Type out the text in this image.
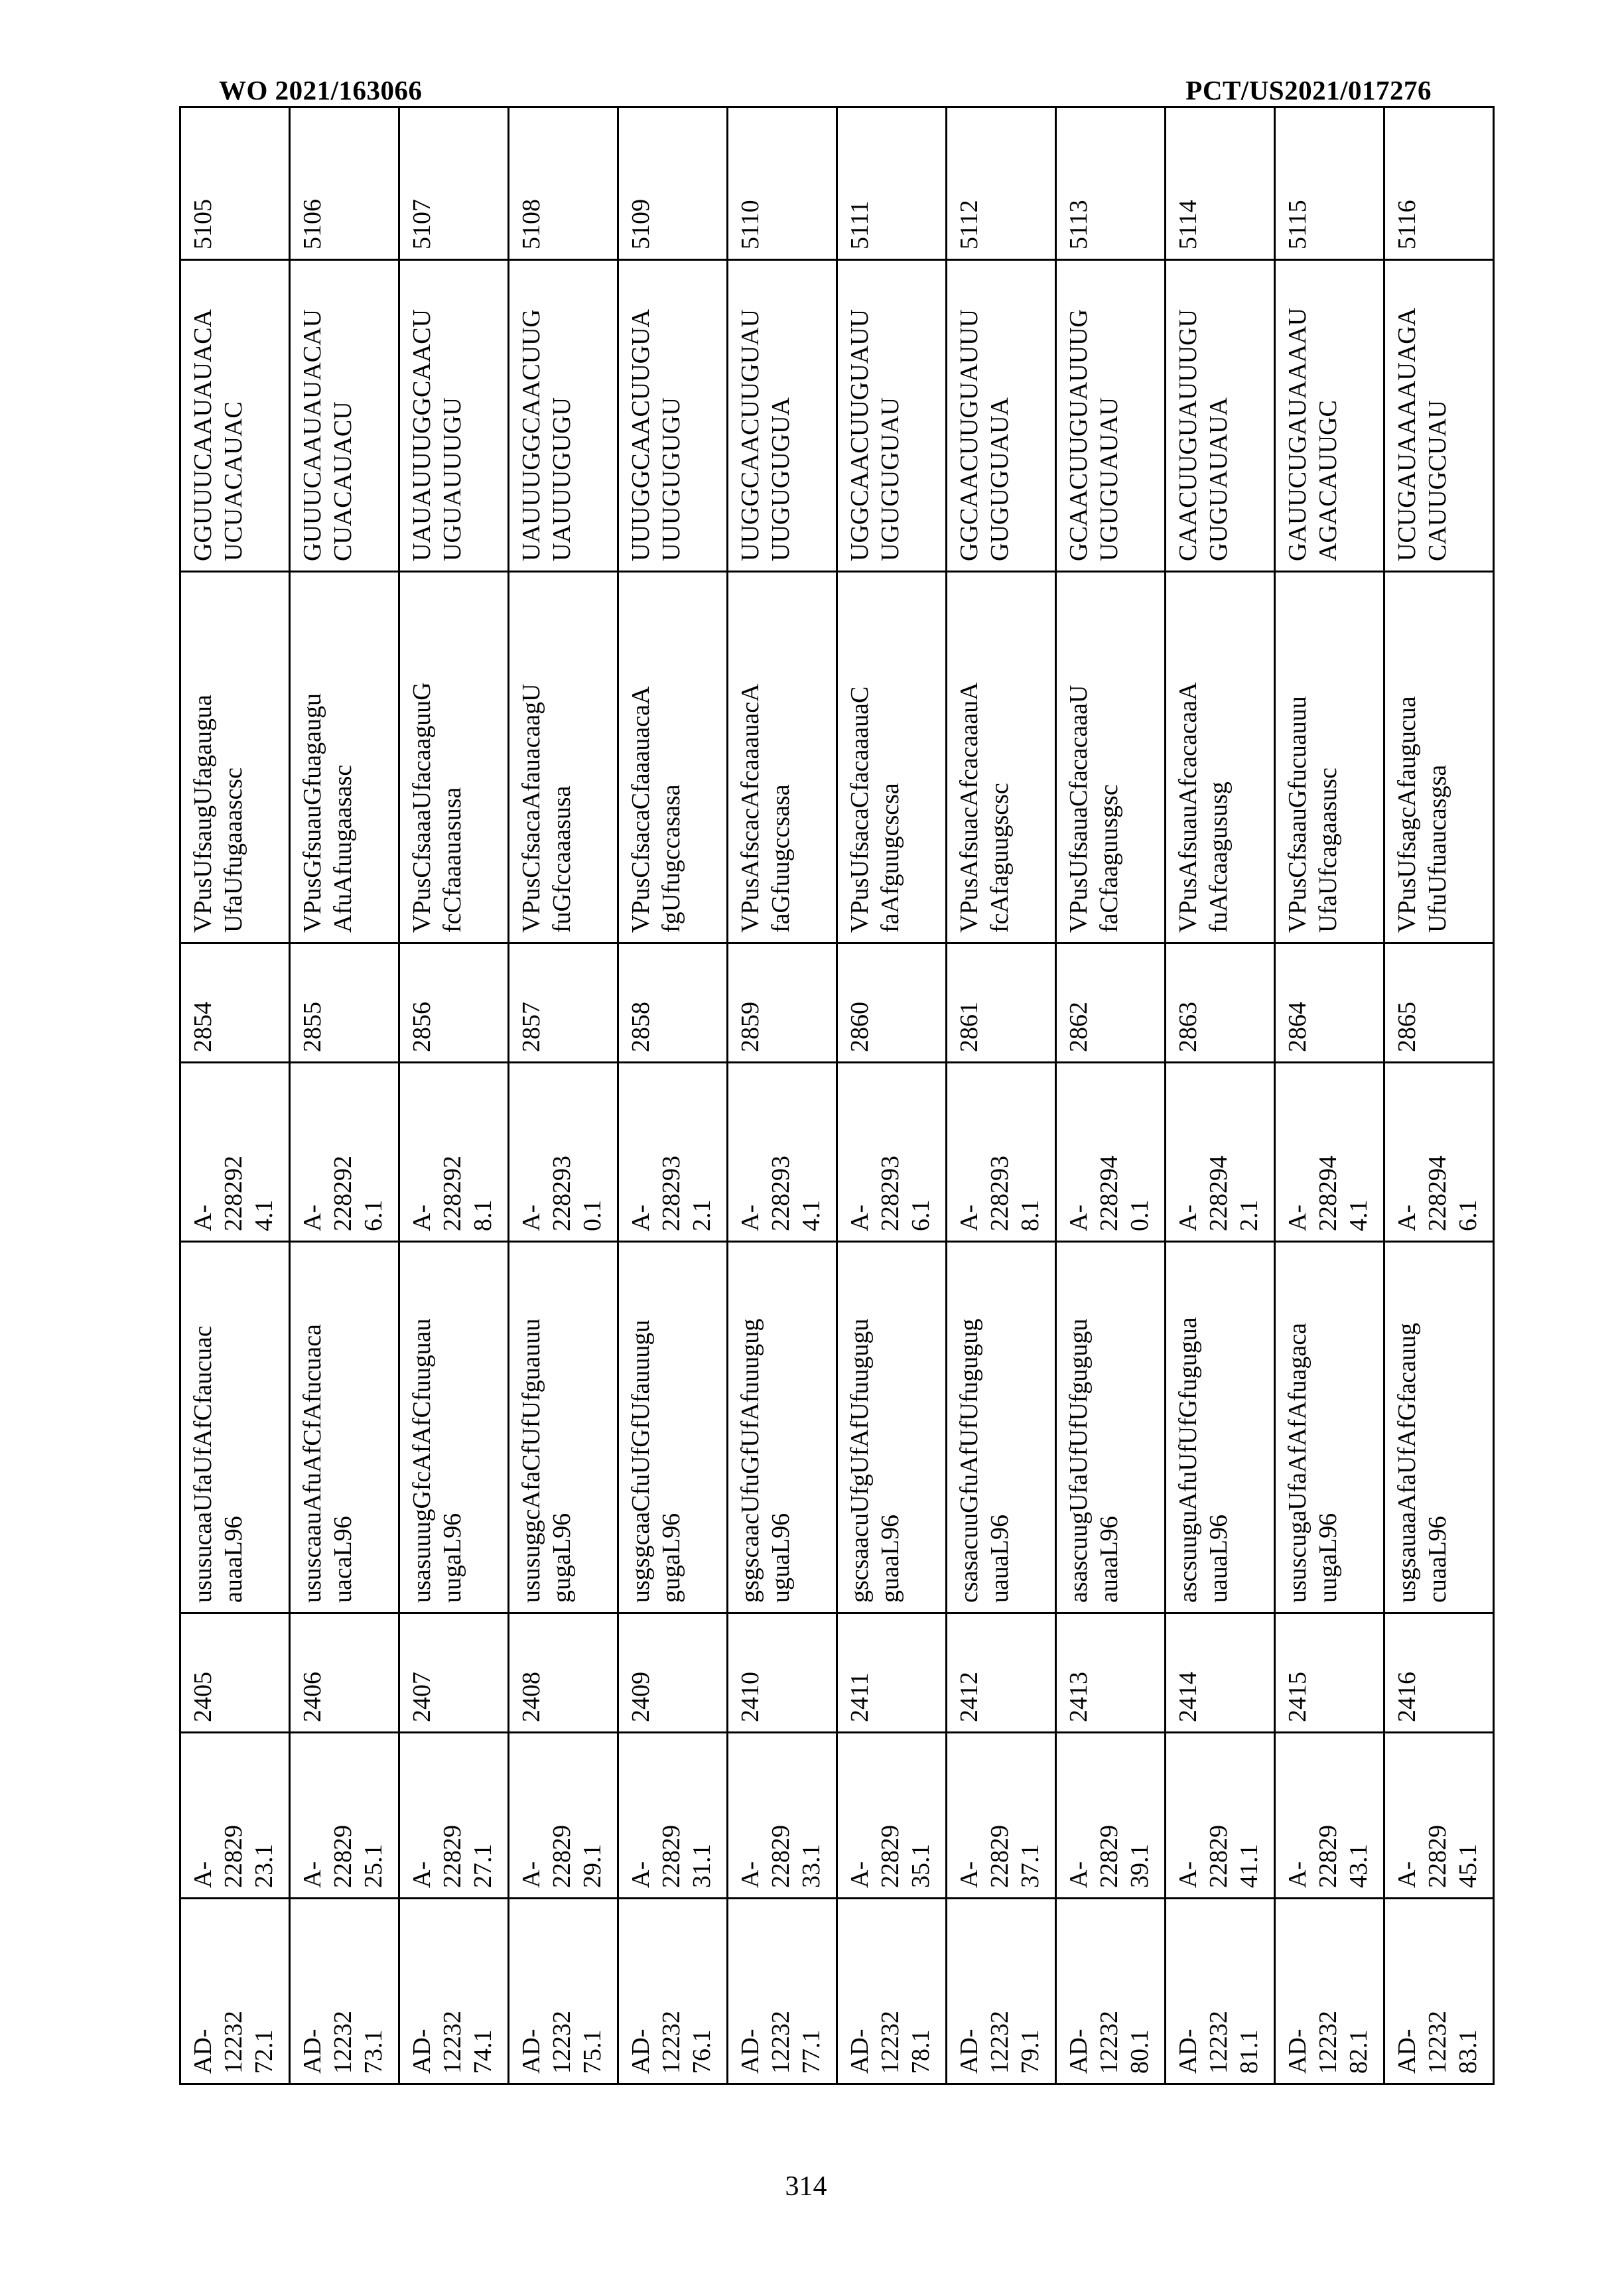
WO 2021/163066	PCT/US2021/017276
AD-
12232
72.1	A-
22829
23.1	2405	ususucaaUfaUfAfCfaucuac
auaaL96	A-
228292
4.1	2854	VPusUfsaugUfagaugua
UfaUfugaaascsc	GGUUUCAAUAUACA
UCUACAUAC	5105
AD-
12232
73.1	A-
22829
25.1	2406	ususcaauAfuAfCfAfucuaca
uacaL96	A-
228292
6.1	2855	VPusGfsuauGfuagaugu
AfuAfuugaasasc	GUUUCAAUAUACAU
CUACAUACU	5106
AD-
12232
74.1	A-
22829
27.1	2407	usasuuugGfcAfAfCfuuguau
uugaL96	A-
228292
8.1	2856	VPusCfsaaaUfacaaguuG
fcCfaaauasusa	UAUAUUUGGCAACU
UGUAUUUGU	5107
AD-
12232
75.1	A-
22829
29.1	2408	ususuggcAfaCfUfUfguauuu
gugaL96	A-
228293
0.1	2857	VPusCfsacaAfauacaagU
fuGfccaaasusa	UAUUUGGCAACUUG
UAUUUGUGU	5108
AD-
12232
76.1	A-
22829
31.1	2409	usgsgcaaCfuUfGfUfauuugu
gugaL96	A-
228293
2.1	2858	VPusCfsacaCfaaauacaA
fgUfugccasasa	UUUGGCAACUUGUA
UUUGUGUGU	5109
AD-
12232
77.1	A-
22829
33.1	2410	gsgscaacUfuGfUfAfuuugug
uguaL96	A-
228293
4.1	2859	VPusAfscacAfcaaauacA
faGfuugccsasa	UUGGCAACUUGUAU
UUGUGUGUA	5110
AD-
12232
78.1	A-
22829
35.1	2411	gscsaacuUfgUfAfUfuugugu
guaaL96	A-
228293
6.1	2860	VPusUfsacaCfacaaauaC
faAfguugcscsa	UGGCAACUUGUAUU
UGUGUGUAU	5111
AD-
12232
79.1	A-
22829
37.1	2412	csasacuuGfuAfUfUfugugug
uauaL96	A-
228293
8.1	2861	VPusAfsuacAfcacaaauA
fcAfaguugscsc	GGCAACUUGUAUUU
GUGUGUAUA	5112
AD-
12232
80.1	A-
22829
39.1	2413	asascuugUfaUfUfUfgugugu
auaaL96	A-
228294
0.1	2862	VPusUfsauaCfacacaaaU
faCfaaguusgsc	GCAACUUGUAUUUG
UGUGUAUAU	5113
AD-
12232
81.1	A-
22829
41.1	2414	ascsuuguAfuUfUfGfugugua
uauaL96	A-
228294
2.1	2863	VPusAfsuauAfcacacaaA
fuAfcaagususg	CAACUUGUAUUUGU
GUGUAUAUA	5114
AD-
12232
82.1	A-
22829
43.1	2415	ususcugaUfaAfAfAfuagaca
uugaL96	A-
228294
4.1	2864	VPusCfsaauGfucuauuu
UfaUfcagaasusc	GAUUCUGAUAAAAU
AGACAUUGC	5115
AD-
12232
83.1	A-
22829
45.1	2416	usgsauaaAfaUfAfGfacauug
cuaaL96	A-
228294
6.1	2865	VPusUfsagcAfaugucua
UfuUfuaucasgsa	UCUGAUAAAAUAGA
CAUUGCUAU	5116
314
